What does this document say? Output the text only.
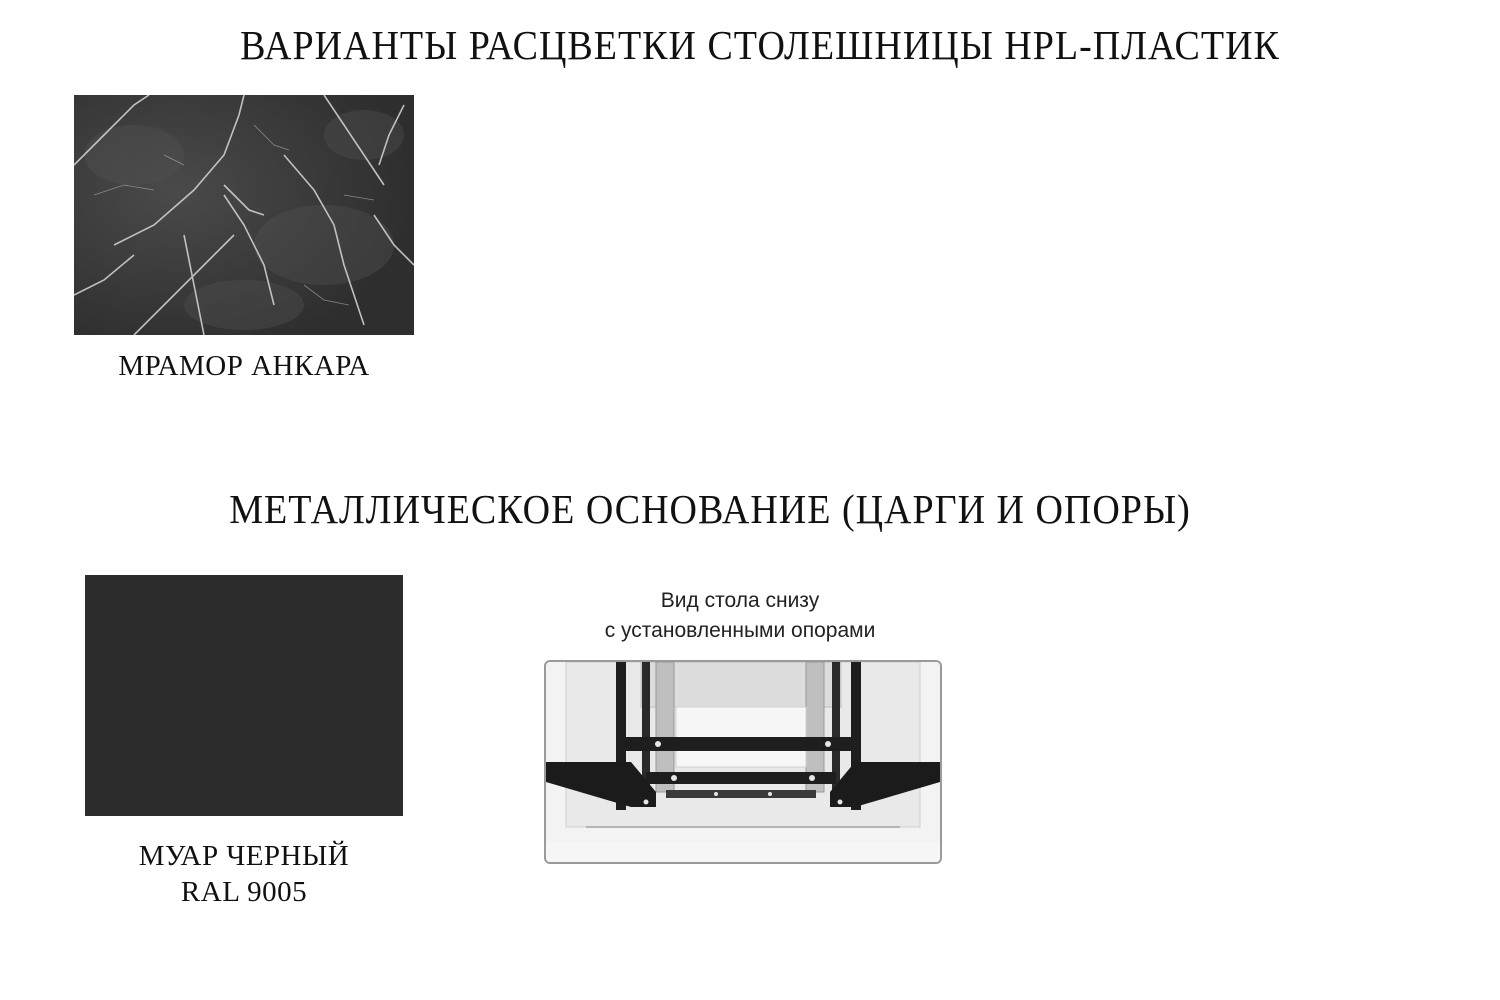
ВАРИАНТЫ РАСЦВЕТКИ СТОЛЕШНИЦЫ HPL-ПЛАСТИК

МРАМОР АНКАРА

МЕТАЛЛИЧЕСКОЕ ОСНОВАНИЕ (ЦАРГИ И ОПОРЫ)

МУАР ЧЕРНЫЙ
RAL 9005

Вид стола снизу
с установленными опорами
